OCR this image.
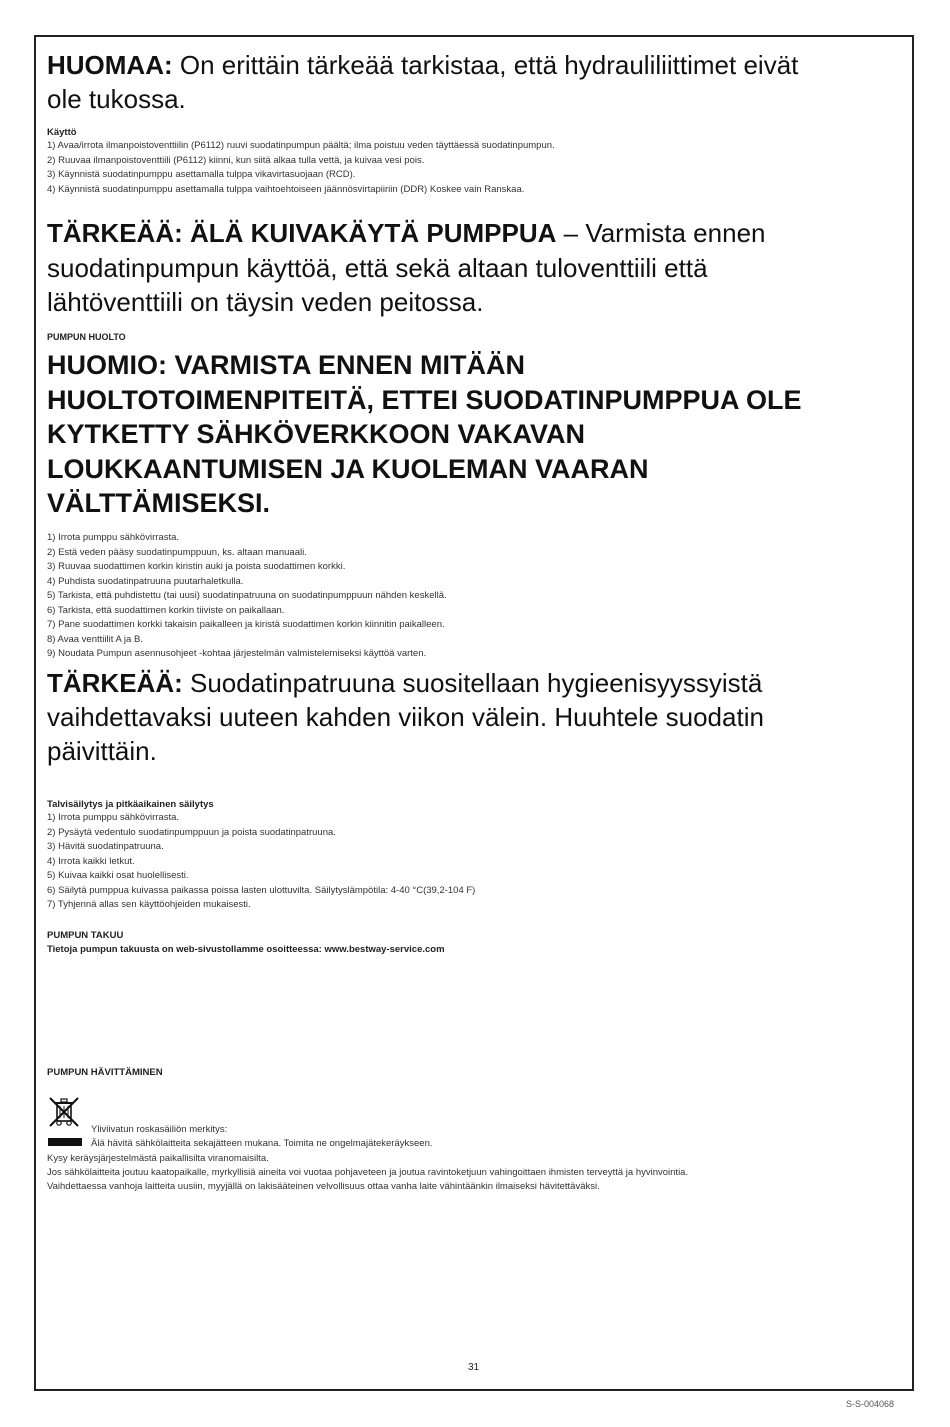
HUOMAA: On erittäin tärkeää tarkistaa, että hydrauliliittimet eivät

ole tukossa.

Käyttö

1) Avaa/irrota ilmanpoistoventtiilin (P6112) ruuvi suodatinpumpun päältä; ilma poistuu veden täyttäessä suodatinpumpun.
2) Ruuvaa ilmanpoistoventtiili (P6112) kiinni, kun siitä alkaa tulla vettä, ja kuivaa vesi pois.
3) Käynnistä suodatinpumppu asettamalla tulppa vikavirtasuojaan (RCD).
4) Käynnistä suodatinpumppu asettamalla tulppa vaihtoehtoiseen jäännösvirtapiiriin (DDR) Koskee vain Ranskaa.

TÄRKEÄÄ: ÄLÄ KUIVAKÄYTÄ PUMPPUA – Varmista ennen

suodatinpumpun käyttöä, että sekä altaan tuloventtiili että

lähtöventtiili on täysin veden peitossa.

PUMPUN HUOLTO

HUOMIO: VARMISTA ENNEN MITÄÄN

HUOLTOTOIMENPITEITÄ, ETTEI SUODATINPUMPPUA OLE

KYTKETTY SÄHKÖVERKKOON VAKAVAN

LOUKKAANTUMISEN JA KUOLEMAN VAARAN

VÄLTTÄMISEKSI.

1) Irrota pumppu sähkövirrasta.
2) Estä veden pääsy suodatinpumppuun, ks. altaan manuaali.
3) Ruuvaa suodattimen korkin kiristin auki ja poista suodattimen korkki.
4) Puhdista suodatinpatruuna puutarhaletkulla.
5) Tarkista, että puhdistettu (tai uusi) suodatinpatruuna on suodatinpumppuun nähden keskellä.
6) Tarkista, että suodattimen korkin tiiviste on paikallaan.
7) Pane suodattimen korkki takaisin paikalleen ja kiristä suodattimen korkin kiinnitin paikalleen.
8) Avaa venttiilit A ja B.
9) Noudata Pumpun asennusohjeet -kohtaa järjestelmän valmistelemiseksi käyttöä varten.

TÄRKEÄÄ: Suodatinpatruuna suositellaan hygieenisyyssyistä

vaihdettavaksi uuteen kahden viikon välein. Huuhtele suodatin

päivittäin.

Talvisäilytys ja pitkäaikainen säilytys

1) Irrota pumppu sähkövirrasta.
2) Pysäytä vedentulo suodatinpumppuun ja poista suodatinpatruuna.
3) Hävitä suodatinpatruuna.
4) Irrota kaikki letkut.
5) Kuivaa kaikki osat huolellisesti.
6) Säilytä pumppua kuivassa paikassa poissa lasten ulottuvilta. Säilytyslämpötila: 4-40 °C(39,2-104 F)
7) Tyhjennä allas sen käyttöohjeiden mukaisesti.

PUMPUN TAKUU

Tietoja pumpun takuusta on web-sivustollamme osoitteessa: www.bestway-service.com

PUMPUN HÄVITTÄMINEN

Yliviivatun roskasäiliön merkitys:

Älä hävitä sähkölaitteita sekajätteen mukana. Toimita ne ongelmajätekeräykseen.

Kysy keräysjärjestelmästä paikallisilta viranomaisilta.

Jos sähkölaitteita joutuu kaatopaikalle, myrkyllisiä aineita voi vuotaa pohjaveteen ja joutua ravintoketjuun vahingoittaen ihmisten terveyttä ja hyvinvointia.

Vaihdettaessa vanhoja laitteita uusiin, myyjällä on lakisääteinen velvollisuus ottaa vanha laite vähintäänkin ilmaiseksi hävitettäväksi.

31

S-S-004068
